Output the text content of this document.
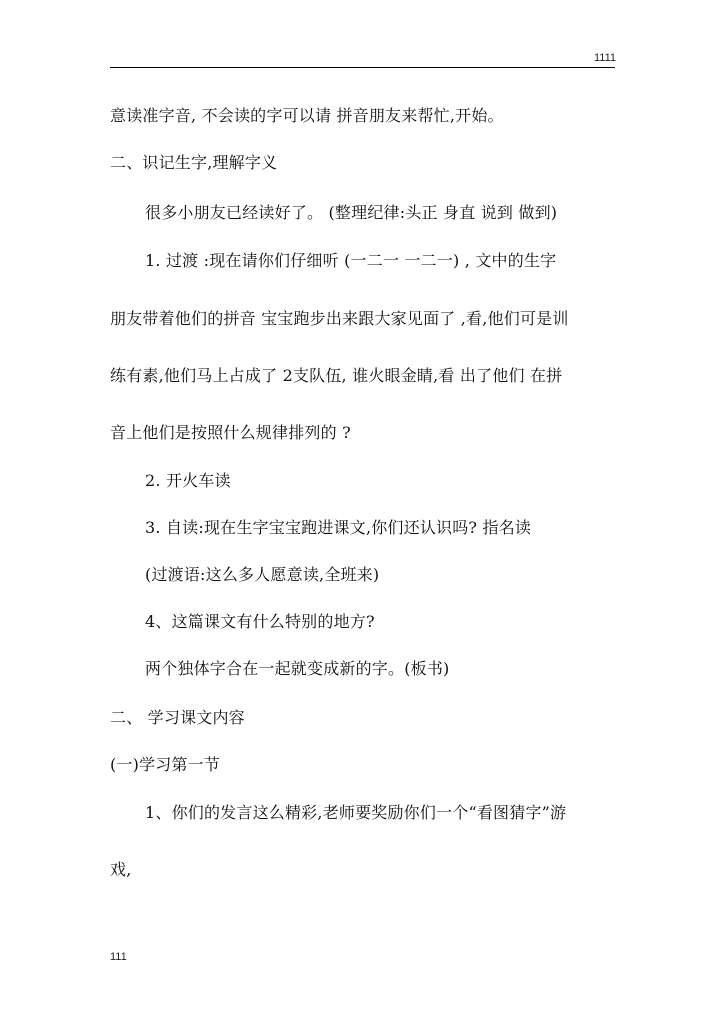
1111
意读准字音, 不会读的字可以请 拼音朋友来帮忙,开始。
二、识记生字,理解字义
很多小朋友已经读好了。 (整理纪律:头正 身直 说到 做到)
1. 过渡 :现在请你们仔细听 (一二一 一二一) , 文中的生字
朋友带着他们的拼音 宝宝跑步出来跟大家见面了 ,看,他们可是训
练有素,他们马上占成了 2支队伍, 谁火眼金睛,看 出了他们 在拼
音上他们是按照什么规律排列的 ?
2. 开火车读
3. 自读:现在生字宝宝跑进课文,你们还认识吗? 指名读
(过渡语:这么多人愿意读,全班来)
4、这篇课文有什么特别的地方?
两个独体字合在一起就变成新的字。(板书)
二、 学习课文内容
(一)学习第一节
1、你们的发言这么精彩,老师要奖励你们一个“看图猜字”游
戏,
111
